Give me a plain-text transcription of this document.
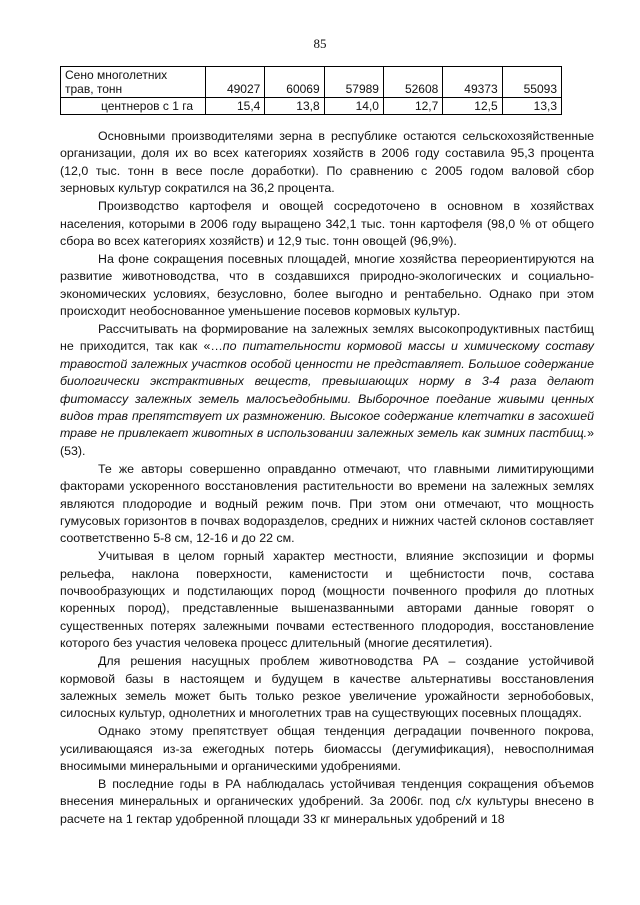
85
Сено многолетних
трав, тонн	49027	60069	57989	52608	49373	55093
центнеров с 1 га	15,4	13,8	14,0	12,7	12,5	13,3

Основными производителями зерна в республике остаются сельскохозяйственные организации, доля их во всех категориях хозяйств в 2006 году составила 95,3 процента (12,0 тыс. тонн в весе после доработки). По сравнению с 2005 годом валовой сбор зерновых культур сократился на 36,2 процента.

Производство картофеля и овощей сосредоточено в основном в хозяйствах населения, которыми в 2006 году выращено 342,1 тыс. тонн картофеля (98,0 % от общего сбора во всех категориях хозяйств) и 12,9 тыс. тонн овощей (96,9%).

На фоне сокращения посевных площадей, многие хозяйства переориентируются на развитие животноводства, что в создавшихся природно-экологических и социально-экономических условиях, безусловно, более выгодно и рентабельно. Однако при этом происходит необоснованное уменьшение посевов кормовых культур.

Рассчитывать на формирование на залежных землях высокопродуктивных пастбищ не приходится, так как «…по питательности кормовой массы и химическому составу травостой залежных участков особой ценности не представляет. Большое содержание биологически экстрактивных веществ, превышающих норму в 3-4 раза делают фитомассу залежных земель малосъедобными. Выборочное поедание живыми ценных видов трав препятствует их размножению. Высокое содержание клетчатки в засохшей траве не привлекает животных в использовании залежных земель как зимних пастбищ.» (53).

Те же авторы совершенно оправданно отмечают, что главными лимитирующими факторами ускоренного восстановления растительности во времени на залежных землях являются плодородие и водный режим почв. При этом они отмечают, что мощность гумусовых горизонтов в почвах водоразделов, средних и нижних частей склонов составляет соответственно 5-8 см, 12-16 и до 22 см.

Учитывая в целом горный характер местности, влияние экспозиции и формы рельефа, наклона поверхности, каменистости и щебнистости почв, состава почвообразующих и подстилающих пород (мощности почвенного профиля до плотных коренных пород), представленные вышеназванными авторами данные говорят о существенных потерях залежными почвами естественного плодородия, восстановление которого без участия человека процесс длительный (многие десятилетия).

Для решения насущных проблем животноводства РА – создание устойчивой кормовой базы в настоящем и будущем в качестве альтернативы восстановления залежных земель может быть только резкое увеличение урожайности зернобобовых, силосных культур, однолетних и многолетних трав на существующих посевных площадях.

Однако этому препятствует общая тенденция деградации почвенного покрова, усиливающаяся из-за ежегодных потерь биомассы (дегумификация), невосполнимая вносимыми минеральными и органическими удобрениями.

В последние годы в РА наблюдалась устойчивая тенденция сокращения объемов внесения минеральных и органических удобрений. За 2006г. под с/х культуры внесено в расчете на 1 гектар удобренной площади 33 кг минеральных удобрений и 18
